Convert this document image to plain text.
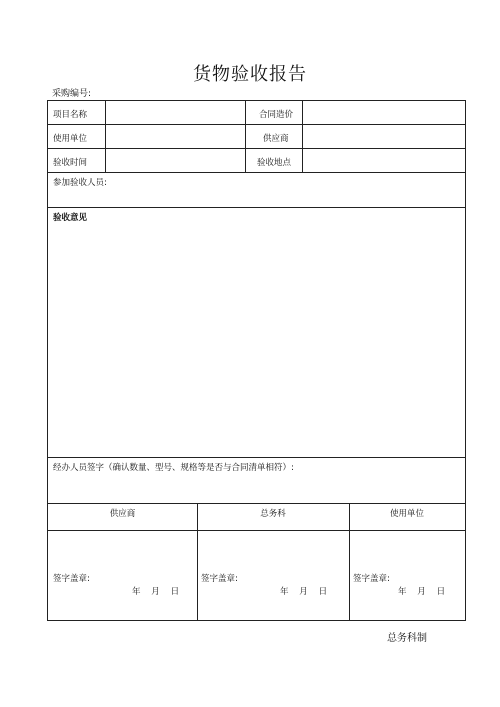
货物验收报告
采购编号:
项目名称	合同造价
使用单位	供应商
验收时间	验收地点
参加验收人员:
验收意见
经办人员签字（确认数量、型号、规格等是否与合同清单相符）:
供应商	总务科	使用单位
签字盖章:	签字盖章:	签字盖章:
年    月    日	年    月    日	年    月    日
总务科制
